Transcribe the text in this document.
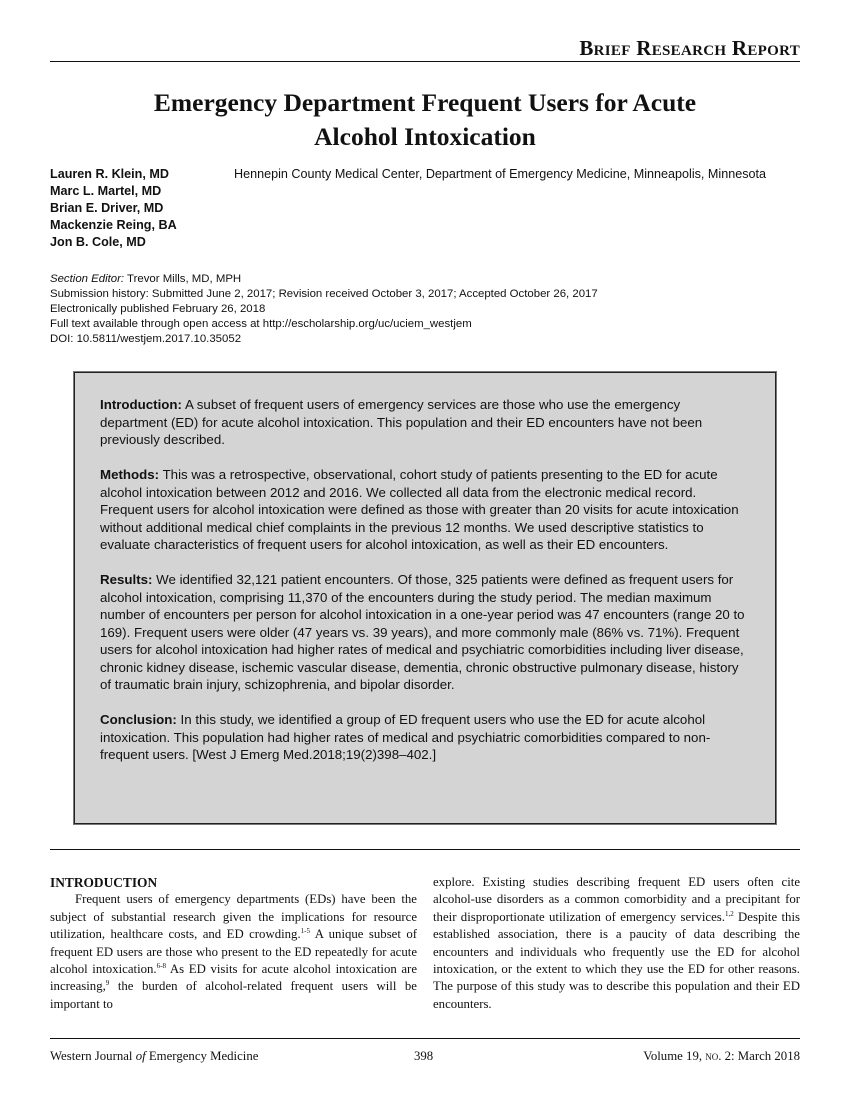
Brief Research Report
Emergency Department Frequent Users for Acute
Alcohol Intoxication
Lauren R. Klein, MD
Marc L. Martel, MD
Brian E. Driver, MD
Mackenzie Reing, BA
Jon B. Cole, MD
Hennepin County Medical Center, Department of Emergency Medicine, Minneapolis, Minnesota
Section Editor: Trevor Mills, MD, MPH
Submission history: Submitted June 2, 2017; Revision received October 3, 2017; Accepted October 26, 2017
Electronically published February 26, 2018
Full text available through open access at http://escholarship.org/uc/uciem_westjem
DOI: 10.5811/westjem.2017.10.35052

Introduction: A subset of frequent users of emergency services are those who use the emergency department (ED) for acute alcohol intoxication. This population and their ED encounters have not been previously described.

Methods: This was a retrospective, observational, cohort study of patients presenting to the ED for acute alcohol intoxication between 2012 and 2016. We collected all data from the electronic medical record. Frequent users for alcohol intoxication were defined as those with greater than 20 visits for acute intoxication without additional medical chief complaints in the previous 12 months. We used descriptive statistics to evaluate characteristics of frequent users for alcohol intoxication, as well as their ED encounters.

Results: We identified 32,121 patient encounters. Of those, 325 patients were defined as frequent users for alcohol intoxication, comprising 11,370 of the encounters during the study period. The median maximum number of encounters per person for alcohol intoxication in a one-year period was 47 encounters (range 20 to 169). Frequent users were older (47 years vs. 39 years), and more commonly male (86% vs. 71%). Frequent users for alcohol intoxication had higher rates of medical and psychiatric comorbidities including liver disease, chronic kidney disease, ischemic vascular disease, dementia, chronic obstructive pulmonary disease, history of traumatic brain injury, schizophrenia, and bipolar disorder.

Conclusion: In this study, we identified a group of ED frequent users who use the ED for acute alcohol intoxication. This population had higher rates of medical and psychiatric comorbidities compared to non-frequent users. [West J Emerg Med.2018;19(2)398–402.]

INTRODUCTION

Frequent users of emergency departments (EDs) have been the subject of substantial research given the implications for resource utilization, healthcare costs, and ED crowding.$^{1-5}$ A unique subset of frequent ED users are those who present to the ED repeatedly for acute alcohol intoxication.$^{6-8}$ As ED visits for acute alcohol intoxication are increasing,$^9$ the burden of alcohol-related frequent users will be important to

explore. Existing studies describing frequent ED users often cite alcohol-use disorders as a common comorbidity and a precipitant for their disproportionate utilization of emergency services.$^{1,2}$ Despite this established association, there is a paucity of data describing the encounters and individuals who frequently use the ED for alcohol intoxication, or the extent to which they use the ED for other reasons. The purpose of this study was to describe this population and their ED encounters.

Western Journal of Emergency Medicine	398	Volume 19, no. 2: March 2018
